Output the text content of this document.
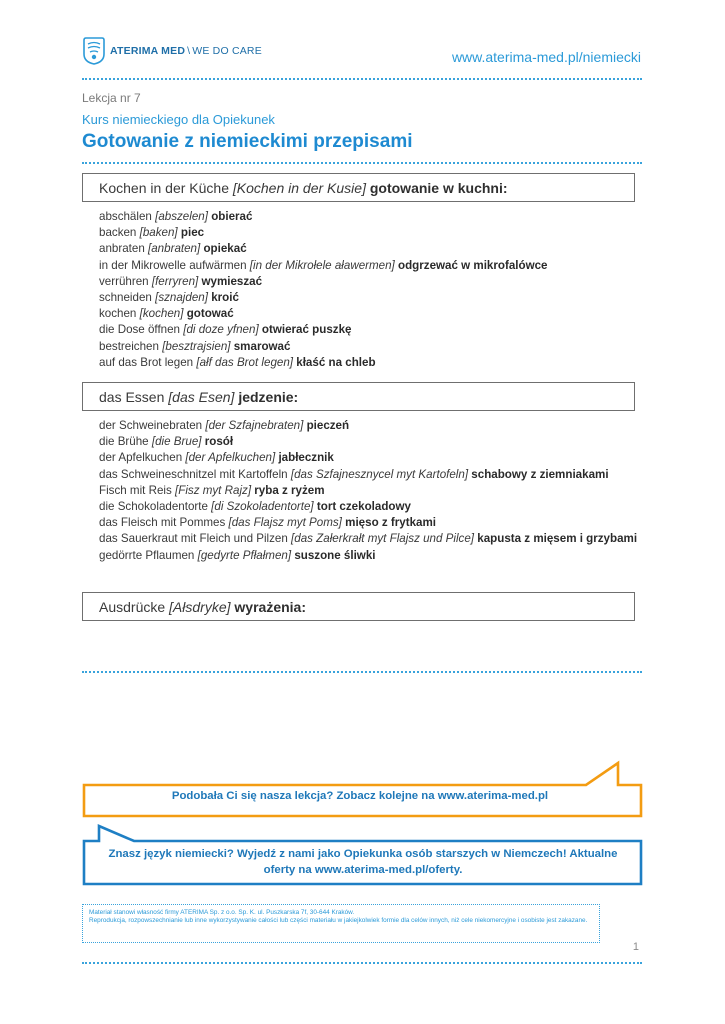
ATERIMA MED \ WE DO CARE	www.aterima-med.pl/niemiecki
Lekcja nr 7
Kurs niemieckiego dla Opiekunek
Gotowanie z niemieckimi przepisami
Kochen in der Küche
[Kochen in der Kusie]
gotowanie w kuchni:
abschälen [abszelen] obierać
backen [baken] piec
anbraten [anbraten] opiekać
in der Mikrowelle aufwärmen [in der Mikrołele aławermen] odgrzewać w mikrofalówce
verrühren [ferryren] wymieszać
schneiden [sznajden] kroić
kochen [kochen] gotować
die Dose öffnen [di doze yfnen] otwierać puszkę
bestreichen [besztrajsien] smarować
auf das Brot legen [ałf das Brot legen] kłaść na chleb
das Essen
[das Esen]
jedzenie:
der Schweinebraten [der Szfajnebraten] pieczeń
die Brühe [die Brue] rosół
der Apfelkuchen [der Apfelkuchen] jabłecznik
das Schweineschnitzel mit Kartoffeln [das Szfajnesznycel myt Kartofeln] schabowy z ziemniakami
Fisch mit Reis [Fisz myt Rajz] ryba z ryżem
die Schokoladentorte [di Szokoladentorte] tort czekoladowy
das Fleisch mit Pommes [das Flajsz myt Poms] mięso z frytkami
das Sauerkraut mit Fleich und Pilzen [das Załerkrałt myt Flajsz und Pilce] kapusta z mięsem i grzybami
gedörrte Pflaumen [gedyrte Pfłałmen] suszone śliwki
Ausdrücke
[Ałsdryke]
wyrażenia:
Podobała Ci się nasza lekcja? Zobacz kolejne na www.aterima-med.pl
Znasz język niemiecki? Wyjedź z nami jako Opiekunka osób starszych w Niemczech! Aktualne oferty na www.aterima-med.pl/oferty.
Materiał stanowi własność firmy ATERIMA Sp. z o.o. Sp. K. ul. Puszkarska 7f, 30-644 Kraków.
Reprodukcja, rozpowszechnianie lub inne wykorzystywanie całości lub części materiału w jakiejkolwiek formie dla celów innych, niż cele niekomercyjne i osobiste jest zakazane.
1
